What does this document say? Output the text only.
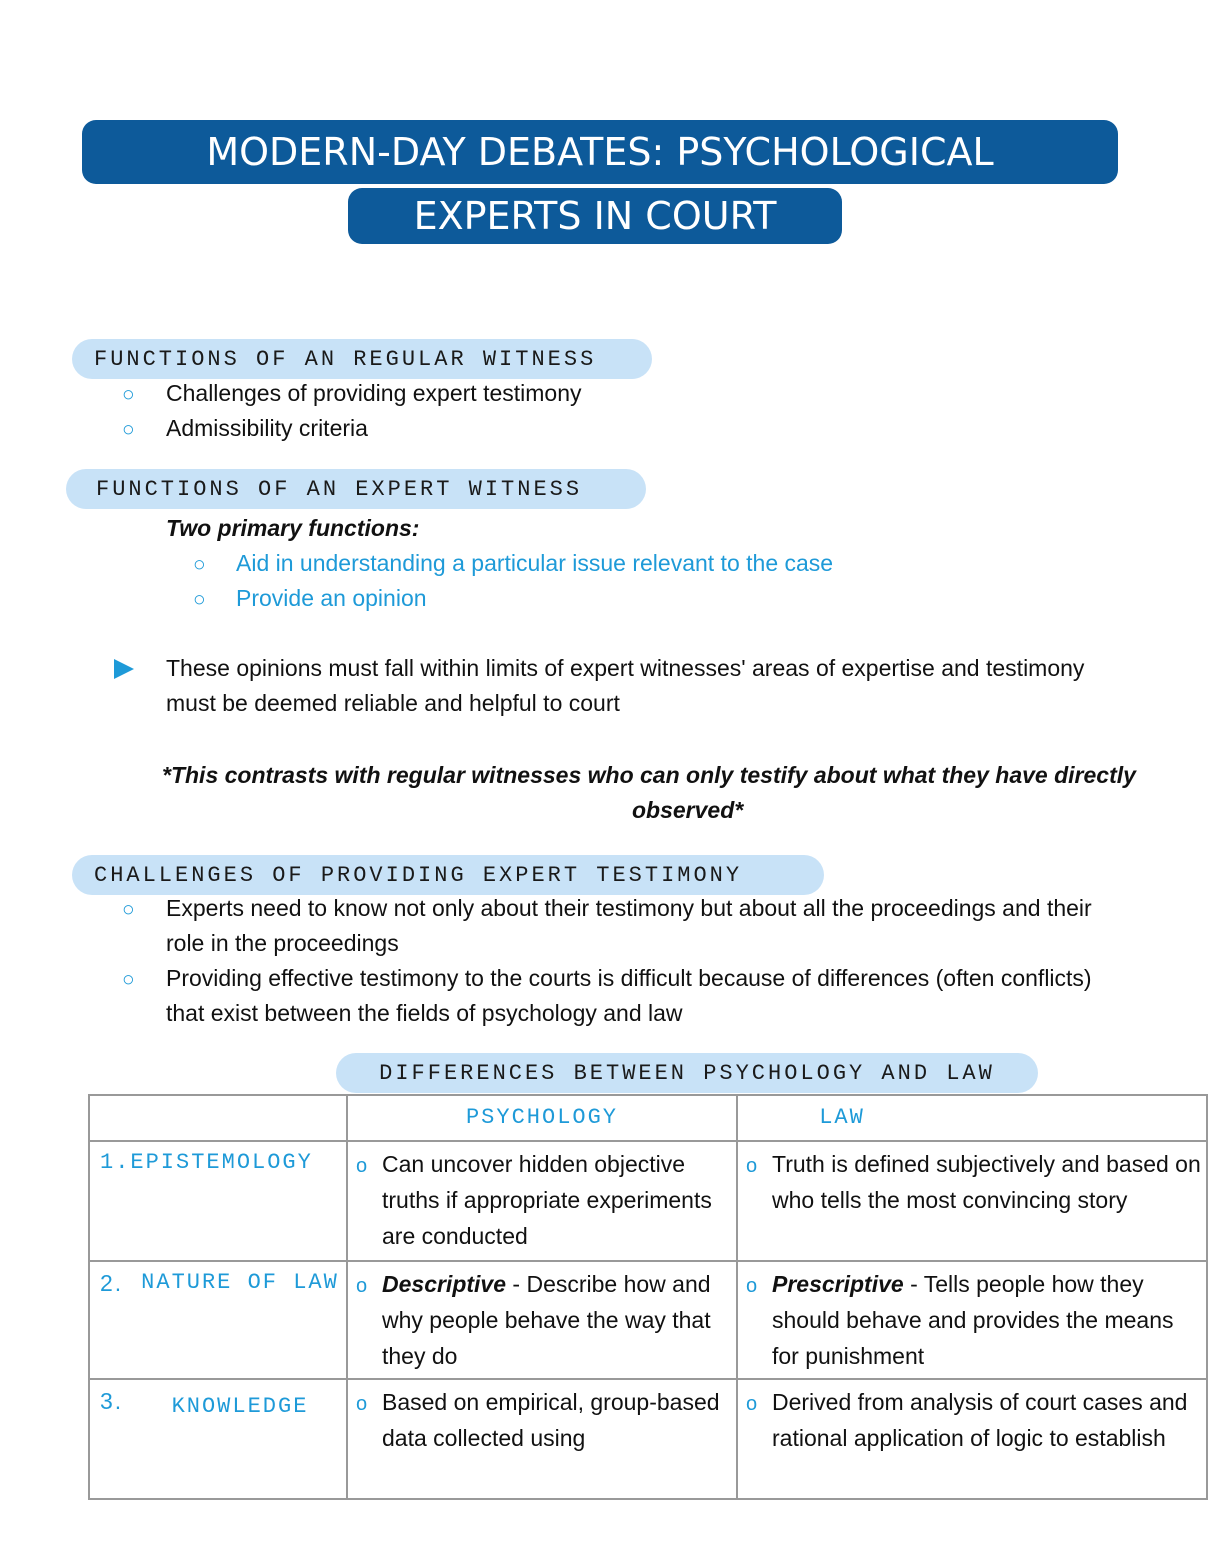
MODERN-DAY DEBATES: PSYCHOLOGICAL
EXPERTS IN COURT
FUNCTIONS OF AN REGULAR WITNESS
○ Challenges of providing expert testimony
○ Admissibility criteria
FUNCTIONS OF AN EXPERT WITNESS
Two primary functions:
○ Aid in understanding a particular issue relevant to the case
○ Provide an opinion
These opinions must fall within limits of expert witnesses' areas of expertise and testimony
must be deemed reliable and helpful to court
*This contrasts with regular witnesses who can only testify about what they have directly
observed*
CHALLENGES OF PROVIDING EXPERT TESTIMONY
○ Experts need to know not only about their testimony but about all the proceedings and their
role in the proceedings
○ Providing effective testimony to the courts is difficult because of differences (often conflicts)
that exist between the fields of psychology and law
DIFFERENCES BETWEEN PSYCHOLOGY AND LAW
	PSYCHOLOGY	LAW
1.EPISTEMOLOGY	o Can uncover hidden objective truths if appropriate experiments are conducted	o Truth is defined subjectively and based on who tells the most convincing story

2. NATURE OF LAW	o Descriptive - Describe how and why people behave the way that they do	o Prescriptive - Tells people how they should behave and provides the means for punishment

3. KNOWLEDGE	o Based on empirical, group-based data collected using	o Derived from analysis of court cases and rational application of logic to establish
